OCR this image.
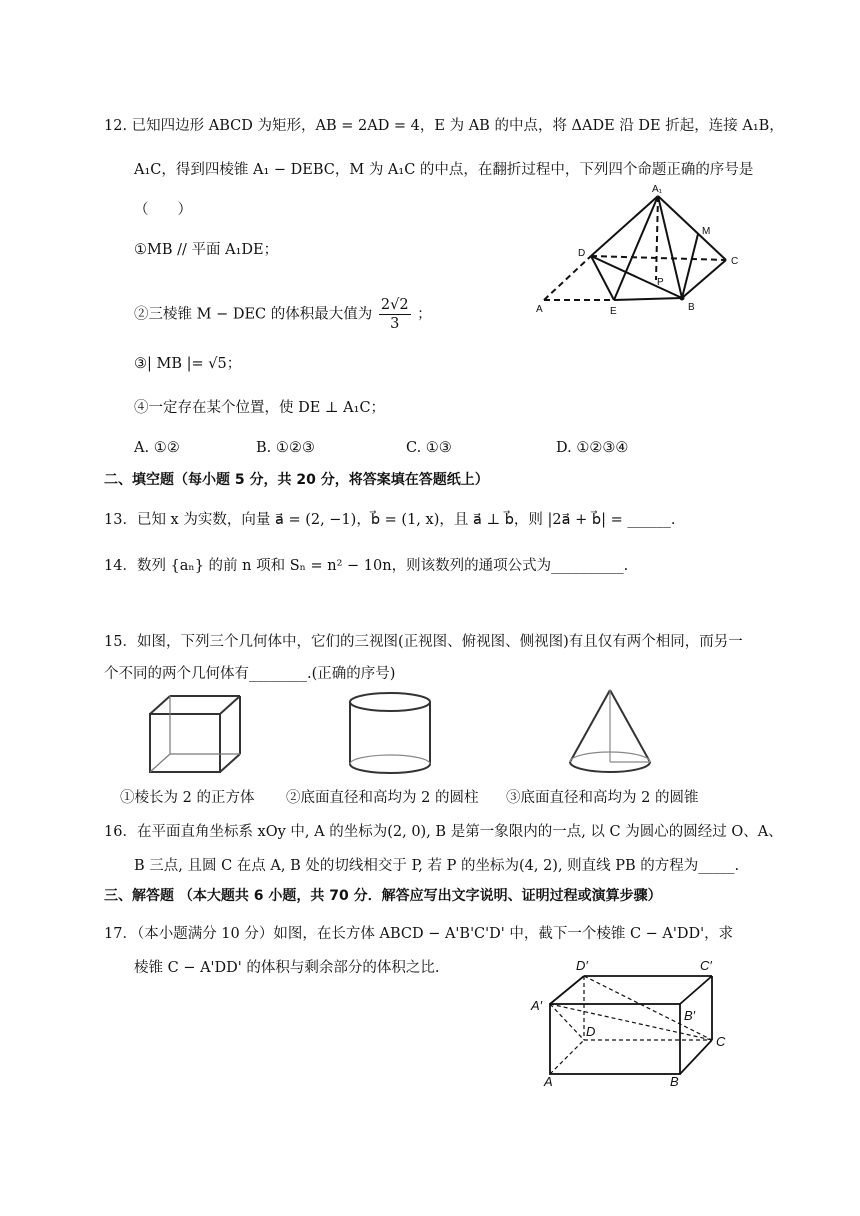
12. 已知四边形 ABCD 为矩形，AB = 2AD = 4，E 为 AB 的中点，将 ΔADE 沿 DE 折起，连接 A₁B，
A₁C，得到四棱锥 A₁ − DEBC，M 为 A₁C 的中点，在翻折过程中，下列四个命题正确的序号是
（　　）
①MB // 平面 A₁DE；
②三棱锥 M − DEC 的体积最大值为 $\frac{2√2}{3}$ ；
③| MB |= √5；
④一定存在某个位置，使 DE ⊥ A₁C；
A. ①②	B. ①②③	C. ①③	D. ①②③④
A₁
M
D
C
P
A	E	B
二、填空题（每小题 5 分，共 20 分，将答案填在答题纸上）
13．已知 x 为实数，向量 a⃗ = (2, −1)，b⃗ = (1, x)，且 a⃗ ⊥ b⃗，则 |2a⃗ + b⃗| = ______.
14．数列 {aₙ} 的前 n 项和 Sₙ = n² − 10n，则该数列的通项公式为__________.
15．如图，下列三个几何体中，它们的三视图(正视图、俯视图、侧视图)有且仅有两个相同，而另一
个不同的两个几何体有________.(正确的序号)
①棱长为 2 的正方体 ②底面直径和高均为 2 的圆柱 ③底面直径和高均为 2 的圆锥
16．在平面直角坐标系 xOy 中, A 的坐标为(2, 0), B 是第一象限内的一点, 以 C 为圆心的圆经过 O、A、
B 三点, 且圆 C 在点 A, B 处的切线相交于 P, 若 P 的坐标为(4, 2), 则直线 PB 的方程为_____.
三、解答题 （本大题共 6 小题，共 70 分．解答应写出文字说明、证明过程或演算步骤）
17．（本小题满分 10 分）如图，在长方体 ABCD − A'B'C'D' 中，截下一个棱锥 C − A'DD'，求
棱锥 C − A'DD' 的体积与剩余部分的体积之比.	D′	C′
A′
B′
D
C
A	B
